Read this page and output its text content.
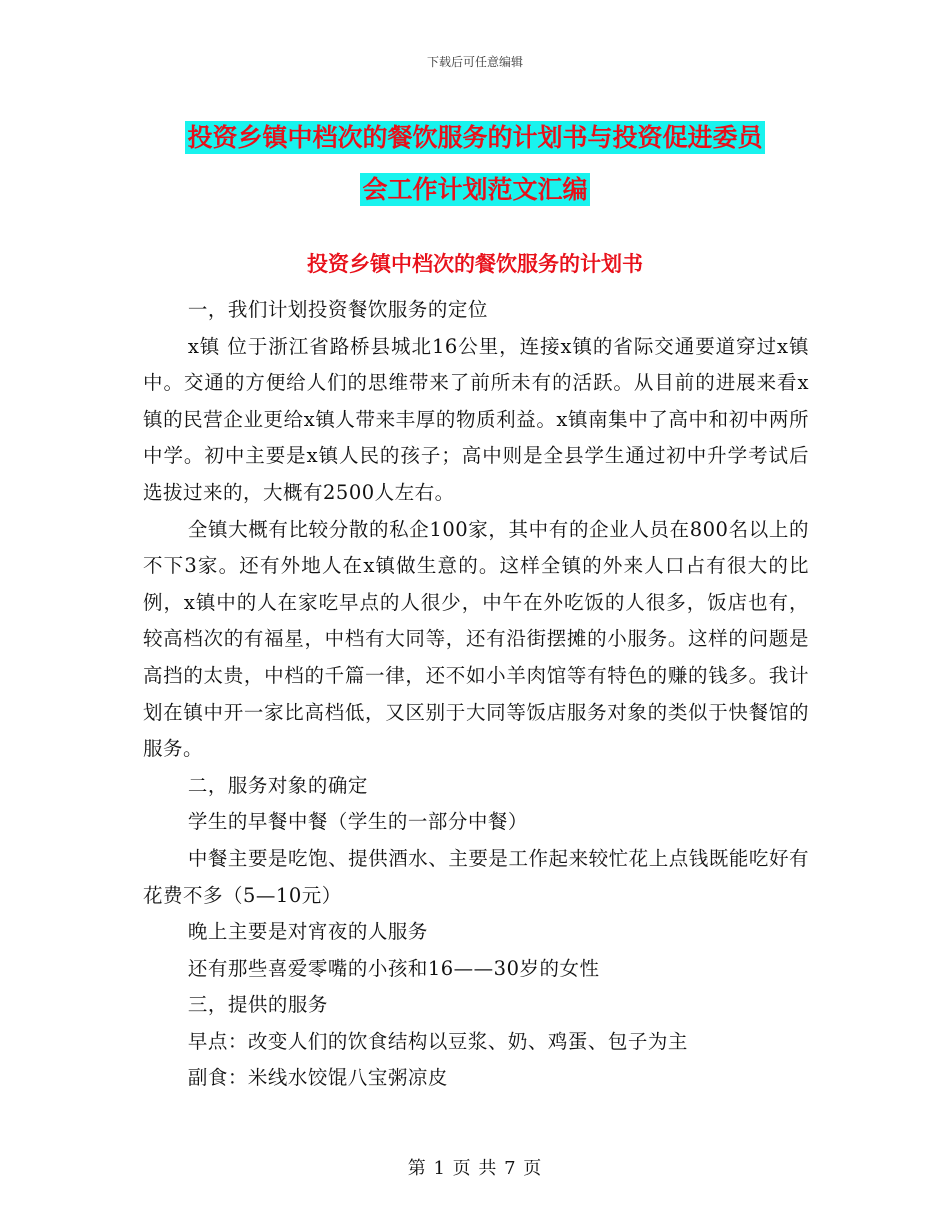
下载后可任意编辑
投资乡镇中档次的餐饮服务的计划书与投资促进委员
会工作计划范文汇编
投资乡镇中档次的餐饮服务的计划书

一，我们计划投资餐饮服务的定位

x镇 位于浙江省路桥县城北16公里，连接x镇的省际交通要道穿过x镇中。交通的方便给人们的思维带来了前所未有的活跃。从目前的进展来看x镇的民营企业更给x镇人带来丰厚的物质利益。x镇南集中了高中和初中两所中学。初中主要是x镇人民的孩子；高中则是全县学生通过初中升学考试后选拔过来的，大概有2500人左右。

全镇大概有比较分散的私企100家，其中有的企业人员在800名以上的不下3家。还有外地人在x镇做生意的。这样全镇的外来人口占有很大的比例，x镇中的人在家吃早点的人很少，中午在外吃饭的人很多，饭店也有，较高档次的有福星，中档有大同等，还有沿街摆摊的小服务。这样的问题是高挡的太贵，中档的千篇一律，还不如小羊肉馆等有特色的赚的钱多。我计划在镇中开一家比高档低，又区别于大同等饭店服务对象的类似于快餐馆的服务。

二，服务对象的确定

学生的早餐中餐（学生的一部分中餐）

中餐主要是吃饱、提供酒水、主要是工作起来较忙花上点钱既能吃好有花费不多（5—10元）

晚上主要是对宵夜的人服务

还有那些喜爱零嘴的小孩和16——30岁的女性

三，提供的服务

早点：改变人们的饮食结构以豆浆、奶、鸡蛋、包子为主

副食：米线水饺馄八宝粥凉皮

第 1 页 共 7 页
